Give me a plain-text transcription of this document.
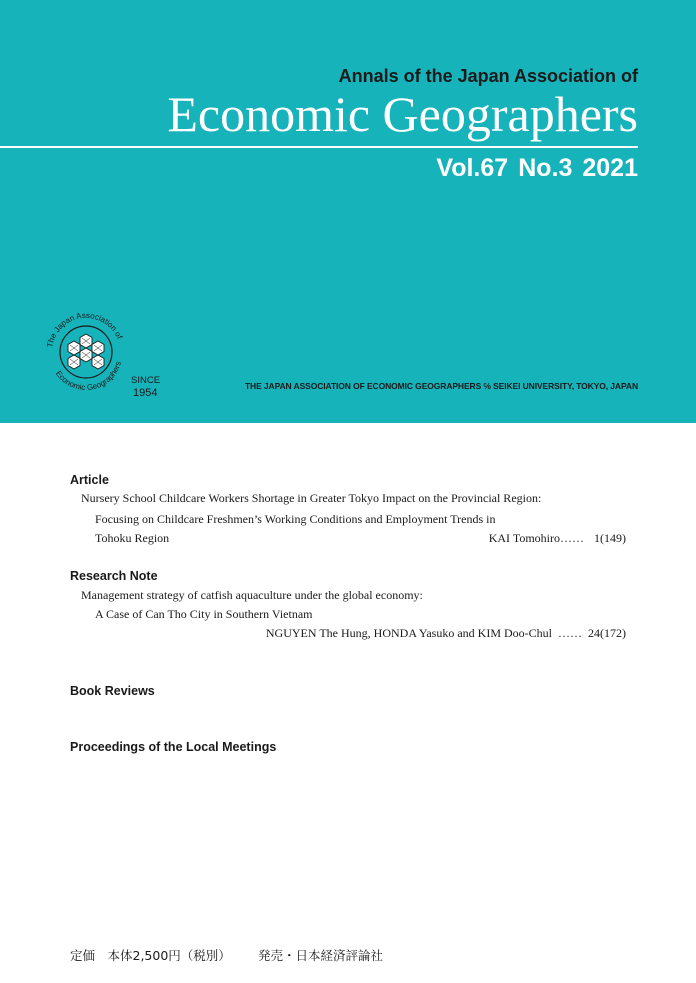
Annals of the Japan Association of
Economic Geographers
Vol.67 No.3 2021
The Japan Association of
Economic Geographers
SINCE
1954
THE JAPAN ASSOCIATION OF ECONOMIC GEOGRAPHERS ℅ SEIKEI UNIVERSITY, TOKYO, JAPAN
Article
Nursery School Childcare Workers Shortage in Greater Tokyo Impact on the Provincial Region:
Focusing on Childcare Freshmen’s Working Conditions and Employment Trends in
Tohoku Region	KAI Tomohiro…… 1(149)
Research Note
Management strategy of catfish aquaculture under the global economy:
A Case of Can Tho City in Southern Vietnam
NGUYEN The Hung, HONDA Yasuko and KIM Doo-Chul …… 24(172)
Book Reviews
Proceedings of the Local Meetings
定価　本体2,500円（税別） 発売・日本経済評論社
